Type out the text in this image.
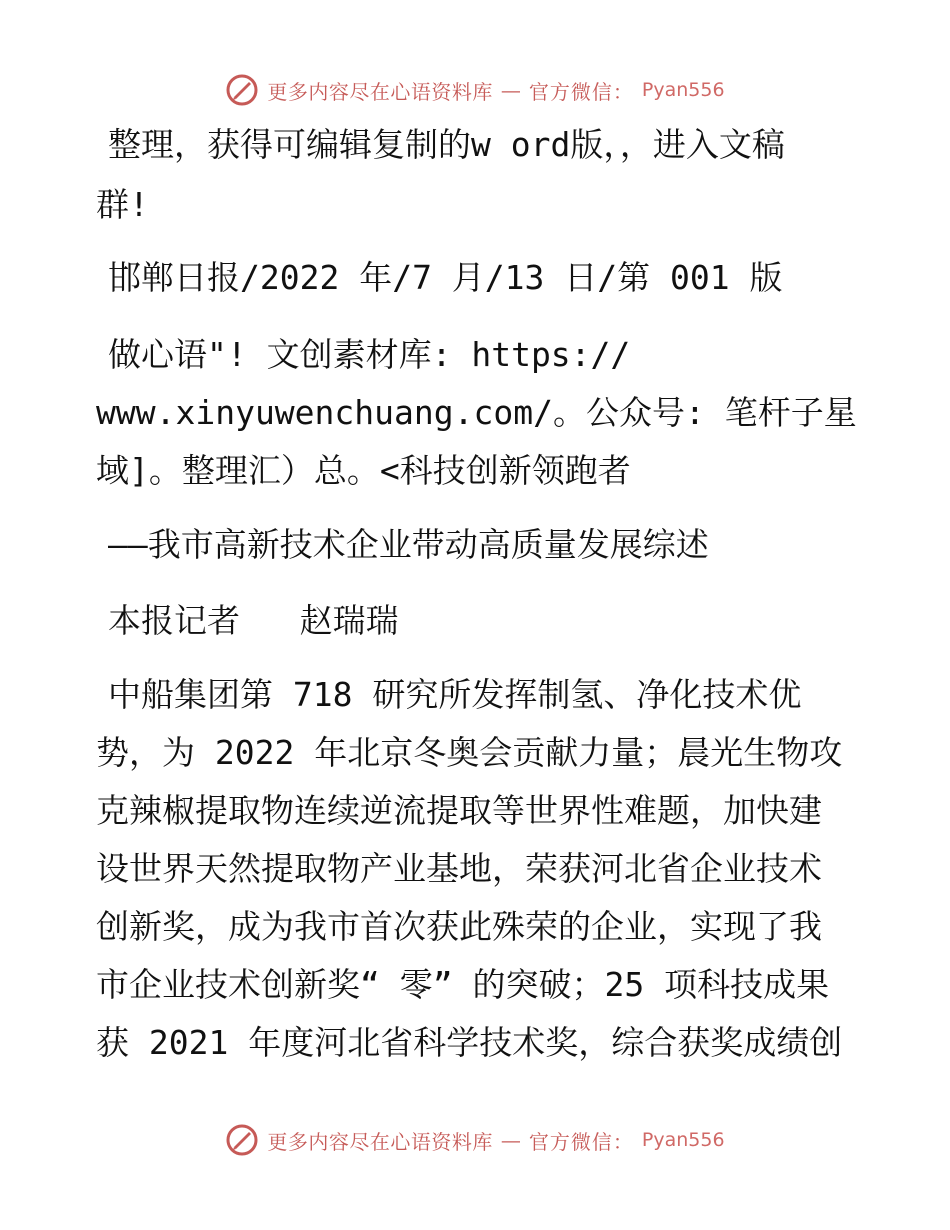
更多内容尽在心语资料库 — 官方微信： Pyan556
整理，获得可编辑复制的w ord版，，进入文稿
群!
邯郸日报/2022 年/7 月/13 日/第 001 版
做心语"! 文创素材库: https://
www.xinyuwenchuang.com/。公众号: 笔杆子星
域]。整理汇）总。<科技创新领跑者
——我市高新技术企业带动高质量发展综述
本报记者   赵瑞瑞
中船集团第 718 研究所发挥制氢、净化技术优
势，为 2022 年北京冬奥会贡献力量；晨光生物攻
克辣椒提取物连续逆流提取等世界性难题，加快建
设世界天然提取物产业基地，荣获河北省企业技术
创新奖，成为我市首次获此殊荣的企业，实现了我
市企业技术创新奖“ 零” 的突破；25 项科技成果
获 2021 年度河北省科学技术奖，综合获奖成绩创
更多内容尽在心语资料库 — 官方微信： Pyan556
